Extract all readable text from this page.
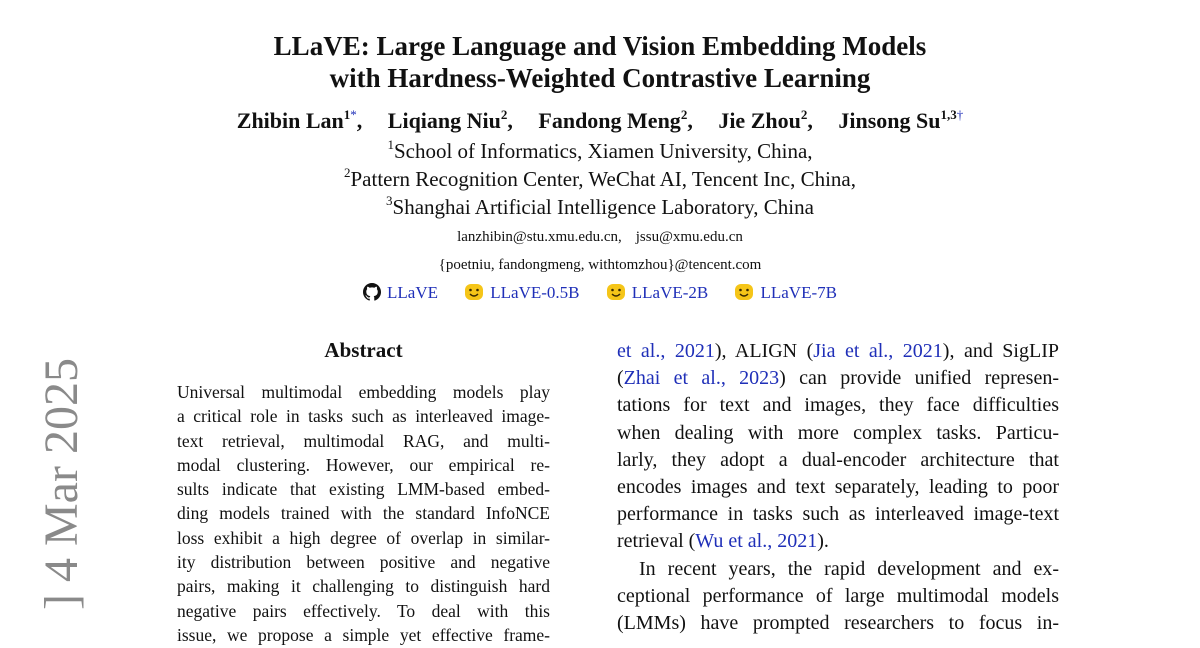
LLaVE: Large Language and Vision Embedding Models
with Hardness-Weighted Contrastive Learning
Zhibin Lan$^{1*}$, Liqiang Niu$^2$, Fandong Meng$^2$, Jie Zhou$^2$, Jinsong $Su^{1,3\dagger}$
$^1$School of Informatics, Xiamen University, China,
$^2$Pattern Recognition Center, WeChat AI, Tencent Inc, China,
$^3$Shanghai Artificial Intelligence Laboratory, China
lanzhibin@stu.xmu.edu.cn, jssu@xmu.edu.cn
{poetniu, fandongmeng, withtomzhou}@tencent.com
LLaVE	LLaVE-0.5B	LLaVE-2B	LLaVE-7B
Abstract
Universal multimodal embedding models play
a critical role in tasks such as interleaved image-
text retrieval, multimodal RAG, and multi-
modal clustering. However, our empirical re-
sults indicate that existing LMM-based embed-
ding models trained with the standard InfoNCE
loss exhibit a high degree of overlap in similar-
ity distribution between positive and negative
pairs, making it challenging to distinguish hard
negative pairs effectively. To deal with this
issue, we propose a simple yet effective frame-
et al., 2021), ALIGN (Jia et al., 2021), and SigLIP
(Zhai et al., 2023) can provide unified represen-
tations for text and images, they face difficulties
when dealing with more complex tasks. Particu-
larly, they adopt a dual-encoder architecture that
encodes images and text separately, leading to poor
performance in tasks such as interleaved image-text
retrieval (Wu et al., 2021).
In recent years, the rapid development and ex-
ceptional performance of large multimodal models
(LMMs) have prompted researchers to focus in-
] 4 Mar 2025
